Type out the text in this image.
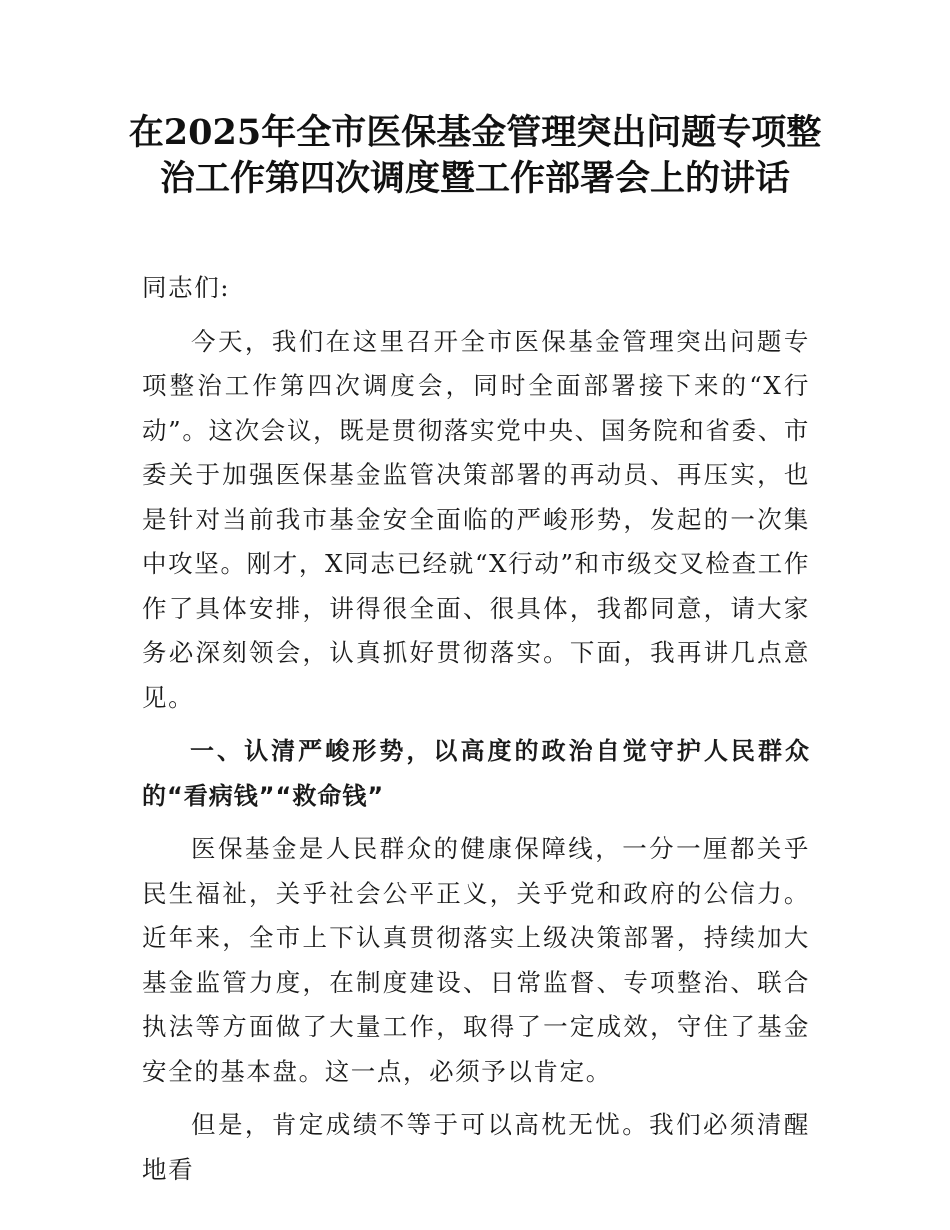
在2025年全市医保基金管理突出问题专项整
治工作第四次调度暨工作部署会上的讲话
同志们:
今天，我们在这里召开全市医保基金管理突出问题专项整治工作第四次调度会，同时全面部署接下来的“X行动”。这次会议，既是贯彻落实党中央、国务院和省委、市委关于加强医保基金监管决策部署的再动员、再压实，也是针对当前我市基金安全面临的严峻形势，发起的一次集中攻坚。刚才，X同志已经就“X行动”和市级交叉检查工作作了具体安排，讲得很全面、很具体，我都同意，请大家务必深刻领会，认真抓好贯彻落实。下面，我再讲几点意见。
一、认清严峻形势，以高度的政治自觉守护人民群众的“看病钱”“救命钱”
医保基金是人民群众的健康保障线，一分一厘都关乎民生福祉，关乎社会公平正义，关乎党和政府的公信力。近年来，全市上下认真贯彻落实上级决策部署，持续加大基金监管力度，在制度建设、日常监督、专项整治、联合执法等方面做了大量工作，取得了一定成效，守住了基金安全的基本盘。这一点，必须予以肯定。
但是，肯定成绩不等于可以高枕无忧。我们必须清醒地看
